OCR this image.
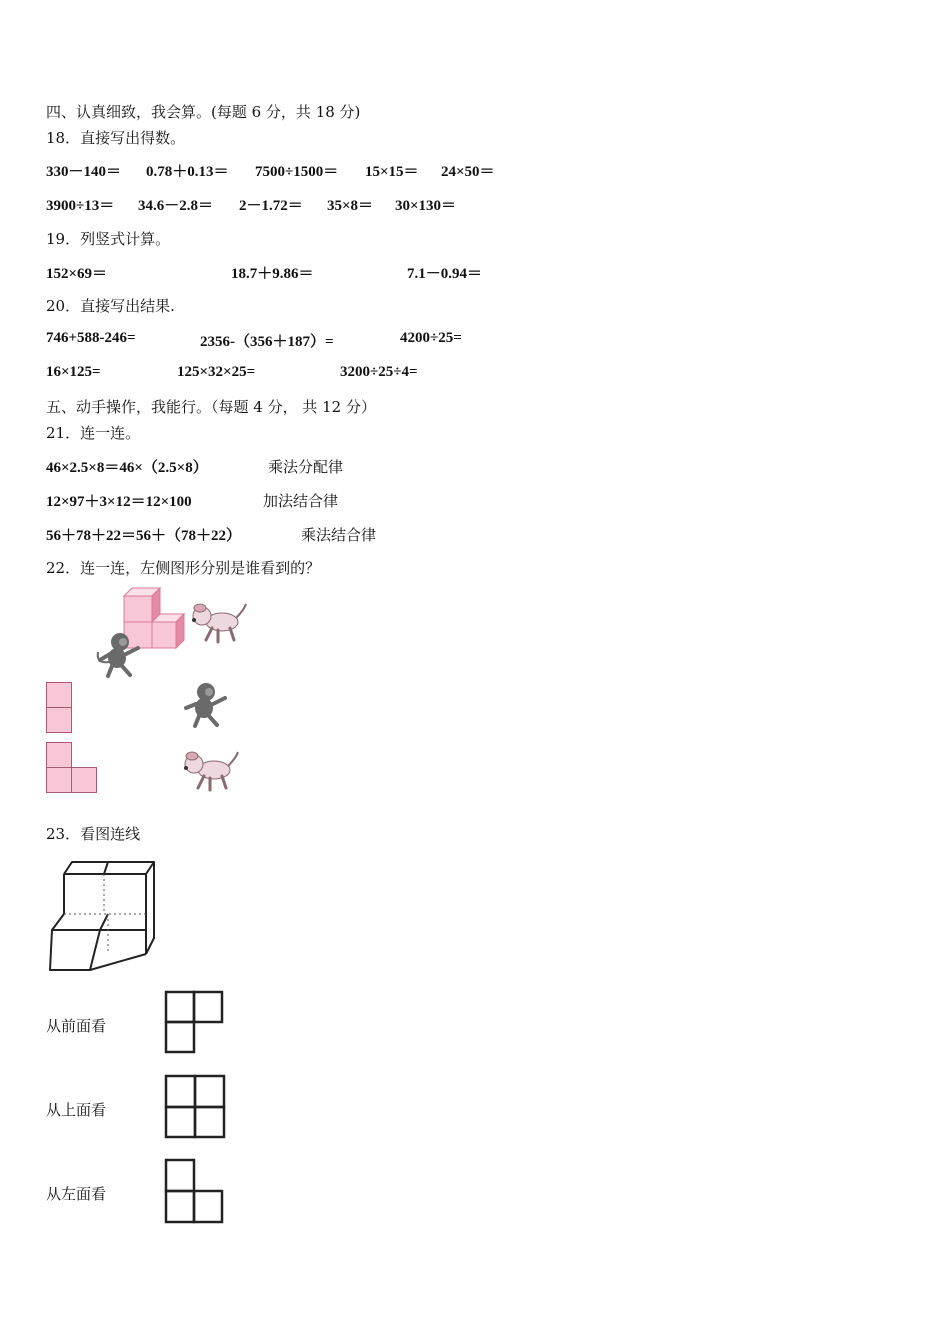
四、认真细致，我会算。(每题 6 分，共 18 分)
18．直接写出得数。
330－140＝ 0.78＋0.13＝ 7500÷1500＝ 15×15＝ 24×50＝
3900÷13＝ 34.6－2.8＝ 2－1.72＝ 35×8＝ 30×130＝
19．列竖式计算。
152×69＝	18.7＋9.86＝	7.1－0.94＝
20．直接写出结果.
746+588-246=	2356-（356＋187）=	4200÷25=
16×125=	125×32×25=	3200÷25÷4=
五、动手操作，我能行。（每题 4 分， 共 12 分）
21．连一连。
46×2.5×8＝46×（2.5×8）	乘法分配律
12×97＋3×12＝12×100	加法结合律
56＋78＋22＝56＋（78＋22）	乘法结合律
22．连一连，左侧图形分别是谁看到的？
23．看图连线
从前面看
从上面看
从左面看
